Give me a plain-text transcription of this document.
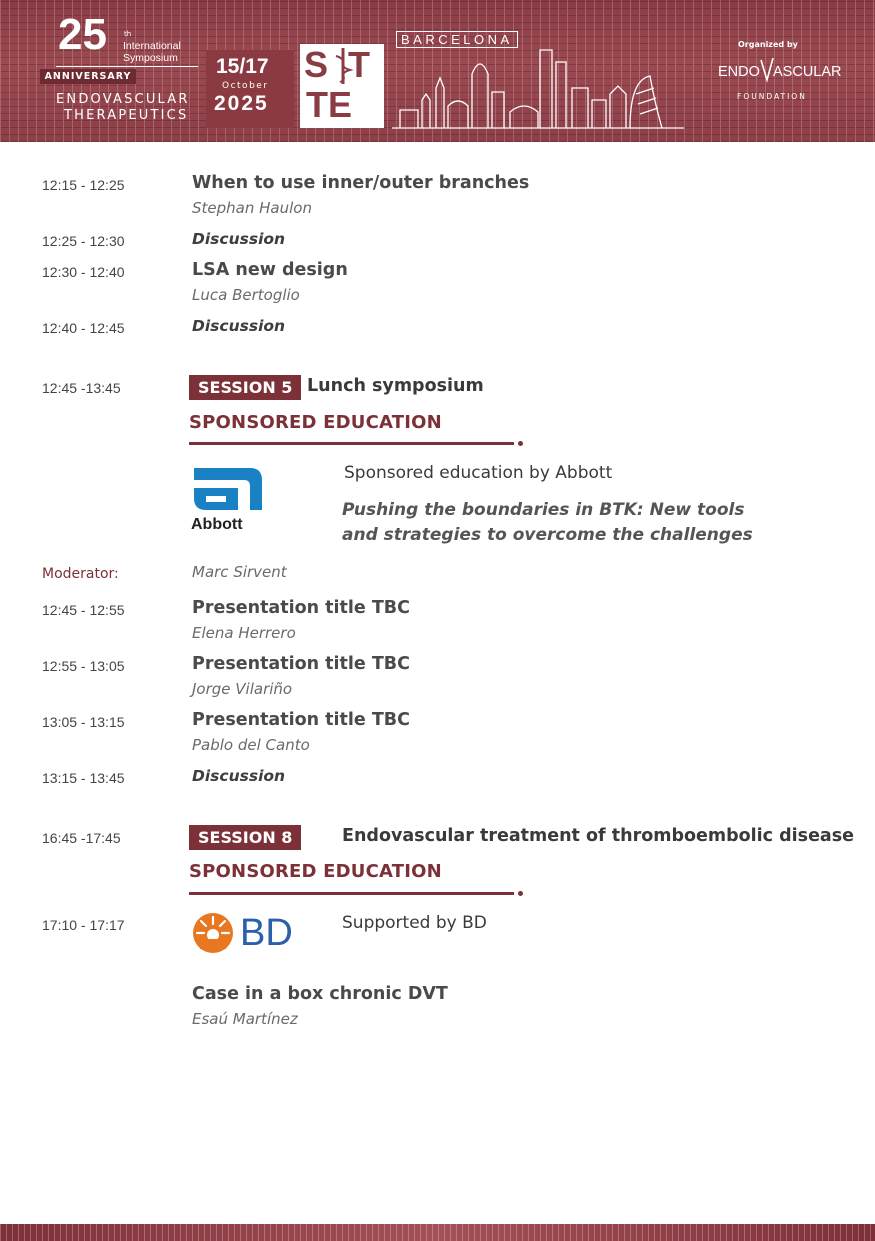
25 th
International
Symposium
ANNIVERSARY
ENDOVASCULAR
THERAPEUTICS
15/17
October
2025
S  T
TE
BARCELONA	Organized by
ENDO ASCULAR
FOUNDATION
12:15 - 12:25	When to use inner/outer branches
Stephan Haulon
12:25 - 12:30	Discussion
12:30 - 12:40	LSA new design
Luca Bertoglio
12:40 - 12:45	Discussion
12:45 -13:45	SESSION 5 Lunch symposium
SPONSORED EDUCATION
Abbott
Sponsored education by Abbott
Pushing the boundaries in BTK: New tools
and strategies to overcome the challenges
Moderator:	Marc Sirvent
12:45 - 12:55	Presentation title TBC
Elena Herrero
12:55 - 13:05	Presentation title TBC
Jorge Vilariño
13:05 - 13:15	Presentation title TBC
Pablo del Canto
13:15 - 13:45	Discussion
16:45 -17:45	SESSION 8	Endovascular treatment of thromboembolic disease
SPONSORED EDUCATION
17:10 - 17:17	BD	Supported by BD
Case in a box chronic DVT
Esaú Martínez
